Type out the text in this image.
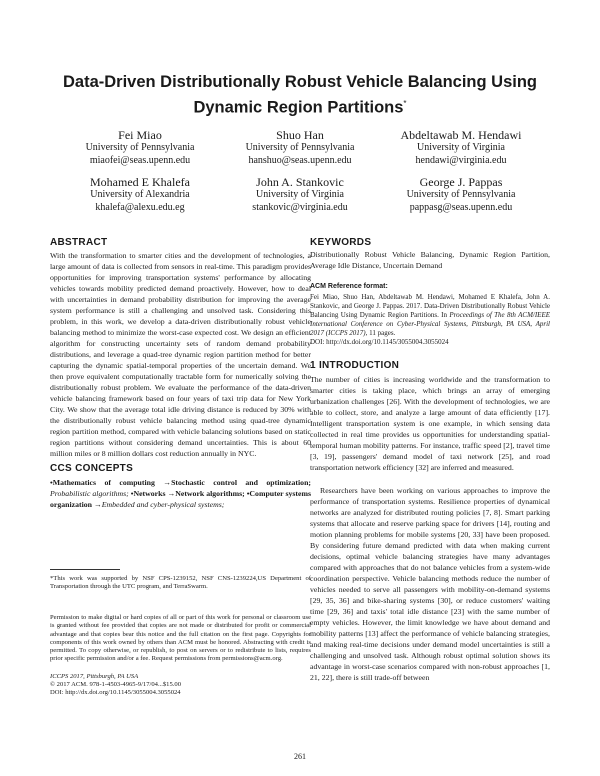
Data-Driven Distributionally Robust Vehicle Balancing Using
Dynamic Region Partitions*
Fei Miao
University of Pennsylvania
miaofei@seas.upenn.edu
Shuo Han
University of Pennsylvania
hanshuo@seas.upenn.edu
Abdeltawab M. Hendawi
University of Virginia
hendawi@virginia.edu
Mohamed E Khalefa
University of Alexandria
khalefa@alexu.edu.eg
John A. Stankovic
University of Virginia
stankovic@virginia.edu
George J. Pappas
University of Pennsylvania
pappasg@seas.upenn.edu
ABSTRACT

With the transformation to smarter cities and the development of technologies, a large amount of data is collected from sensors in real-time. This paradigm provides opportunities for improving transportation systems' performance by allocating vehicles towards mobility predicted demand proactively. However, how to deal with uncertainties in demand probability distribution for improving the average system performance is still a challenging and unsolved task. Considering this problem, in this work, we develop a data-driven distributionally robust vehicle balancing method to minimize the worst-case expected cost. We design an efficient algorithm for constructing uncertainty sets of random demand probability distributions, and leverage a quad-tree dynamic region partition method for better capturing the dynamic spatial-temporal properties of the uncertain demand. We then prove equivalent computationally tractable form for numerically solving the distributionally robust problem. We evaluate the performance of the data-driven vehicle balancing framework based on four years of taxi trip data for New York City. We show that the average total idle driving distance is reduced by 30% with the distributionally robust vehicle balancing method using quad-tree dynamic region partition method, compared with vehicle balancing solutions based on static region partitions without considering demand uncertainties. This is about 60 million miles or 8 million dollars cost reduction annually in NYC.

CCS CONCEPTS

•Mathematics of computing →Stochastic control and optimization; Probabilistic algorithms; •Networks →Network algorithms; •Computer systems organization →Embedded and cyber-physical systems;

*This work was supported by NSF CPS-1239152, NSF CNS-1239224,US Department of Transportation through the UTC program, and TerraSwarm.

Permission to make digital or hard copies of all or part of this work for personal or classroom use is granted without fee provided that copies are not made or distributed for profit or commercial advantage and that copies bear this notice and the full citation on the first page. Copyrights for components of this work owned by others than ACM must be honored. Abstracting with credit is permitted. To copy otherwise, or republish, to post on servers or to redistribute to lists, requires prior specific permission and/or a fee. Request permissions from permissions@acm.org.

ICCPS 2017, Pittsburgh, PA USA

© 2017 ACM. 978-1-4503-4965-9/17/04...$15.00

DOI: http://dx.doi.org/10.1145/3055004.3055024

KEYWORDS

Distributionally Robust Vehicle Balancing, Dynamic Region Partition, Average Idle Distance, Uncertain Demand

ACM Reference format:

Fei Miao, Shuo Han, Abdeltawab M. Hendawi, Mohamed E Khalefa, John A. Stankovic, and George J. Pappas. 2017. Data-Driven Distributionally Robust Vehicle Balancing Using Dynamic Region Partitions. In Proceedings of The 8th ACM/IEEE International Conference on Cyber-Physical Systems, Pittsburgh, PA USA, April 2017 (ICCPS 2017), 11 pages.
DOI: http://dx.doi.org/10.1145/3055004.3055024

1 INTRODUCTION

The number of cities is increasing worldwide and the transformation to smarter cities is taking place, which brings an array of emerging urbanization challenges [26]. With the development of technologies, we are able to collect, store, and analyze a large amount of data efficiently [17]. Intelligent transportation system is one example, in which sensing data collected in real time provides us opportunities for understanding spatial-temporal human mobility patterns. For instance, traffic speed [2], travel time [3, 19], passengers' demand model of taxi network [25], and road transportation network efficiency [32] are inferred and measured.

Researchers have been working on various approaches to improve the performance of transportation systems. Resilience properties of dynamical networks are analyzed for distributed routing policies [7, 8]. Smart parking systems that allocate and reserve parking space for drivers [14], routing and motion planning problems for mobile systems [20, 33] have been proposed. By considering future demand predicted with data when making current decisions, optimal vehicle balancing strategies have many advantages compared with approaches that do not balance vehicles from a system-wide coordination perspective. Vehicle balancing methods reduce the number of vehicles needed to serve all passengers with mobility-on-demand systems [29, 35, 36] and bike-sharing systems [30], or reduce customers' waiting time [29, 36] and taxis' total idle distance [23] with the same number of empty vehicles. However, the limit knowledge we have about demand and mobility patterns [13] affect the performance of vehicle balancing strategies, and making real-time decisions under demand model uncertainties is still a challenging and unsolved task. Although robust optimal solution shows its advantage in worst-case scenarios compared with non-robust approaches [1, 21, 22], there is still trade-off between

261
